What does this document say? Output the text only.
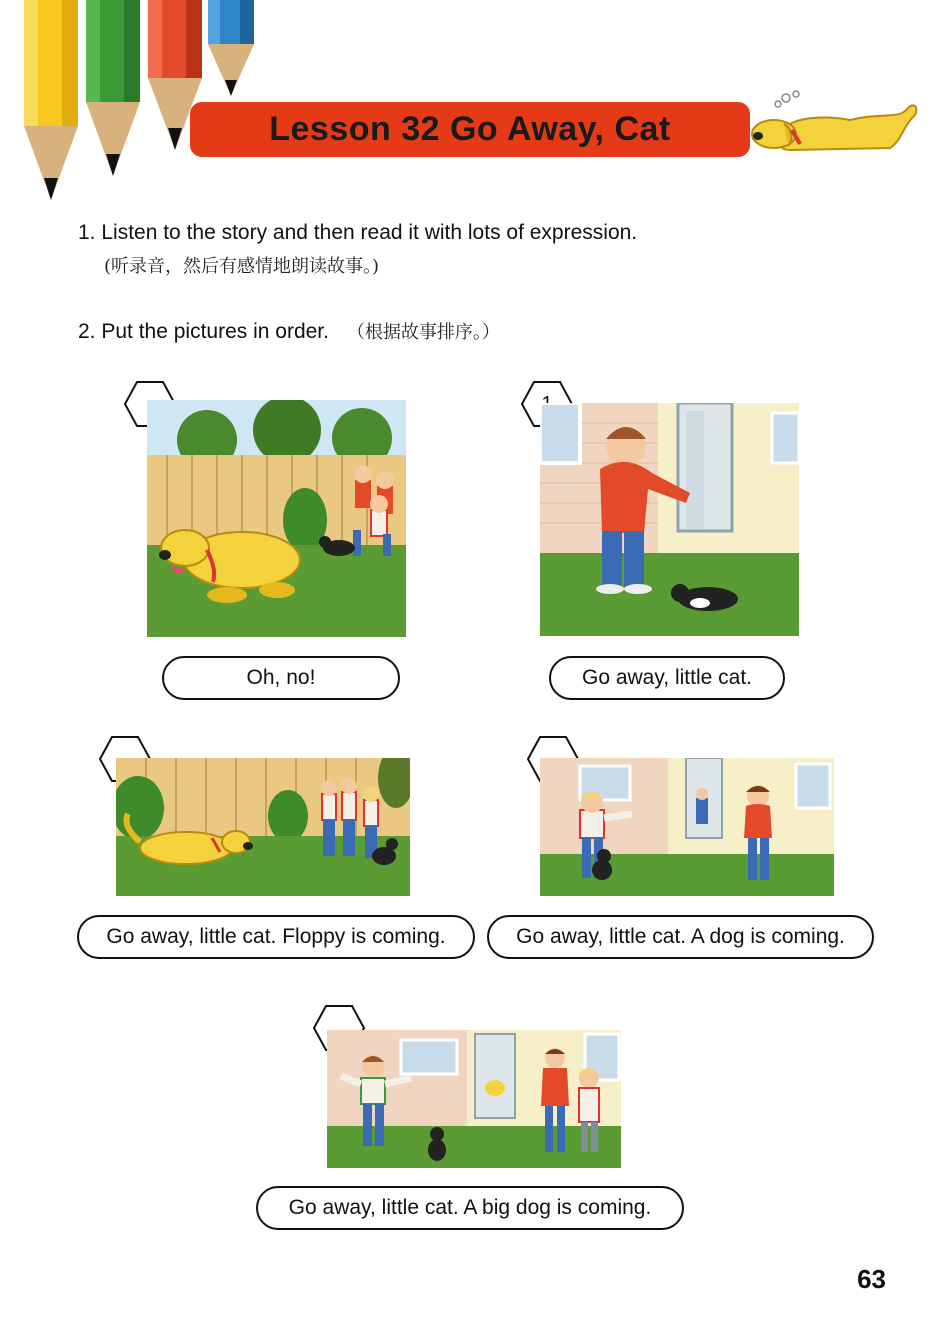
Lesson 32 Go Away, Cat
1. Listen to the story and then read it with lots of expression.
(听录音，然后有感情地朗读故事。)
2. Put the pictures in order. （根据故事排序。）
Oh, no!	Go away, little cat.
Go away, little cat. Floppy is coming.	Go away, little cat. A dog is coming.
Go away, little cat. A big dog is coming.
63
